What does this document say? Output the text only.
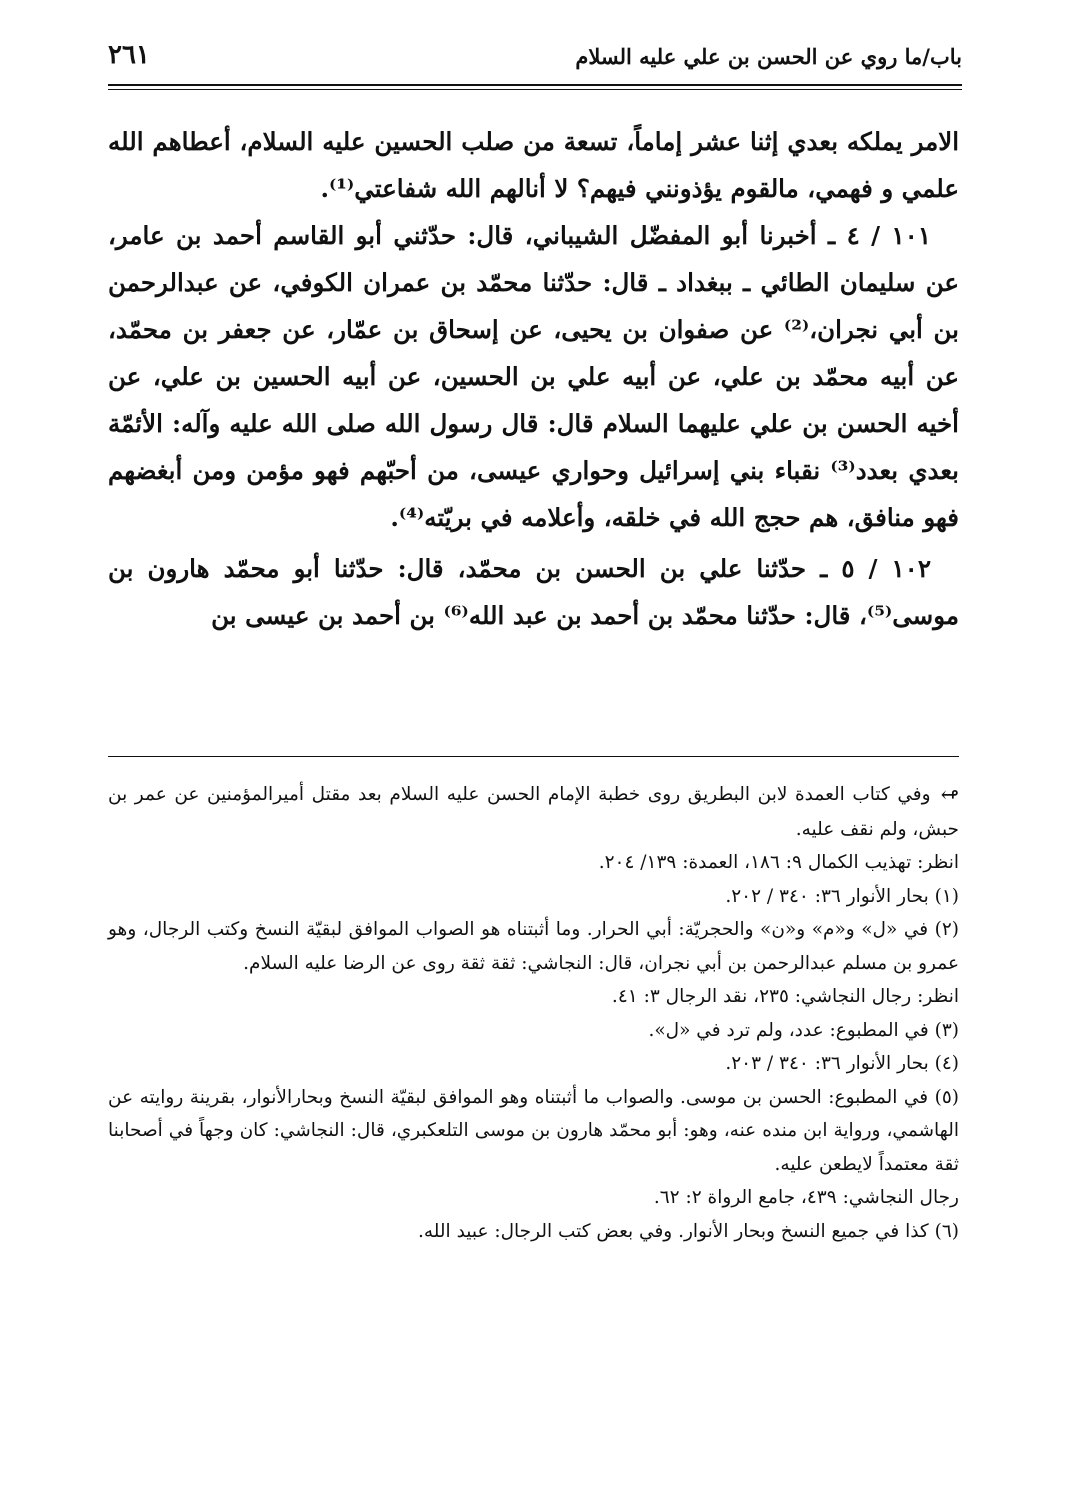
باب/ما روي عن الحسن بن علي عليه السلام
٢٦١

الامر يملكه بعدي إثنا عشر إماماً، تسعة من صلب الحسين عليه السلام، أعطاهم الله علمي و فهمي، مالقوم يؤذونني فيهم؟ لا أنالهم الله شفاعتي⁽¹⁾.

١٠١ / ٤ ـ أخبرنا أبو المفضّل الشيباني، قال: حدّثني أبو القاسم أحمد بن عامر، عن سليمان الطائي ـ ببغداد ـ قال: حدّثنا محمّد بن عمران الكوفي، عن عبدالرحمن بن أبي نجران،⁽²⁾ عن صفوان بن يحيى، عن إسحاق بن عمّار، عن جعفر بن محمّد، عن أبيه محمّد بن علي، عن أبيه علي بن الحسين، عن أبيه الحسين بن علي، عن أخيه الحسن بن علي عليهما السلام قال: قال رسول الله صلى الله عليه وآله: الأئمّة بعدي بعدد⁽³⁾ نقباء بني إسرائيل وحواري عيسى، من أحبّهم فهو مؤمن ومن أبغضهم فهو منافق، هم حجج الله في خلقه، وأعلامه في بريّته⁽⁴⁾.

١٠٢ / ٥ ـ حدّثنا علي بن الحسن بن محمّد، قال: حدّثنا أبو محمّد هارون بن موسى⁽⁵⁾، قال: حدّثنا محمّد بن أحمد بن عبد الله⁽⁶⁾ بن أحمد بن عيسى بن

↫وفي كتاب العمدة لابن البطريق روى خطبة الإمام الحسن عليه السلام بعد مقتل أميرالمؤمنين عن عمر بن حبش، ولم نقف عليه.

انظر: تهذيب الكمال ٩: ١٨٦، العمدة: ١٣٩/ ٢٠٤.

(١) بحار الأنوار ٣٦: ٣٤٠ / ٢٠٢.

(٢) في «ل» و«م» و«ن» والحجريّة: أبي الحرار. وما أثبتناه هو الصواب الموافق لبقيّة النسخ وكتب الرجال، وهو عمرو بن مسلم عبدالرحمن بن أبي نجران، قال: النجاشي: ثقة ثقة روى عن الرضا عليه السلام.

انظر: رجال النجاشي: ٢٣٥، نقد الرجال ٣: ٤١.

(٣) في المطبوع: عدد، ولم ترد في «ل».

(٤) بحار الأنوار ٣٦: ٣٤٠ / ٢٠٣.

(٥) في المطبوع: الحسن بن موسى. والصواب ما أثبتناه وهو الموافق لبقيّة النسخ وبحارالأنوار، بقرينة روايته عن الهاشمي، ورواية ابن منده عنه، وهو: أبو محمّد هارون بن موسى التلعكبري، قال: النجاشي: كان وجهاً في أصحابنا ثقة معتمداً لايطعن عليه.

رجال النجاشي: ٤٣٩، جامع الرواة ٢: ٦٢.

(٦) كذا في جميع النسخ وبحار الأنوار. وفي بعض كتب الرجال: عبيد الله.
